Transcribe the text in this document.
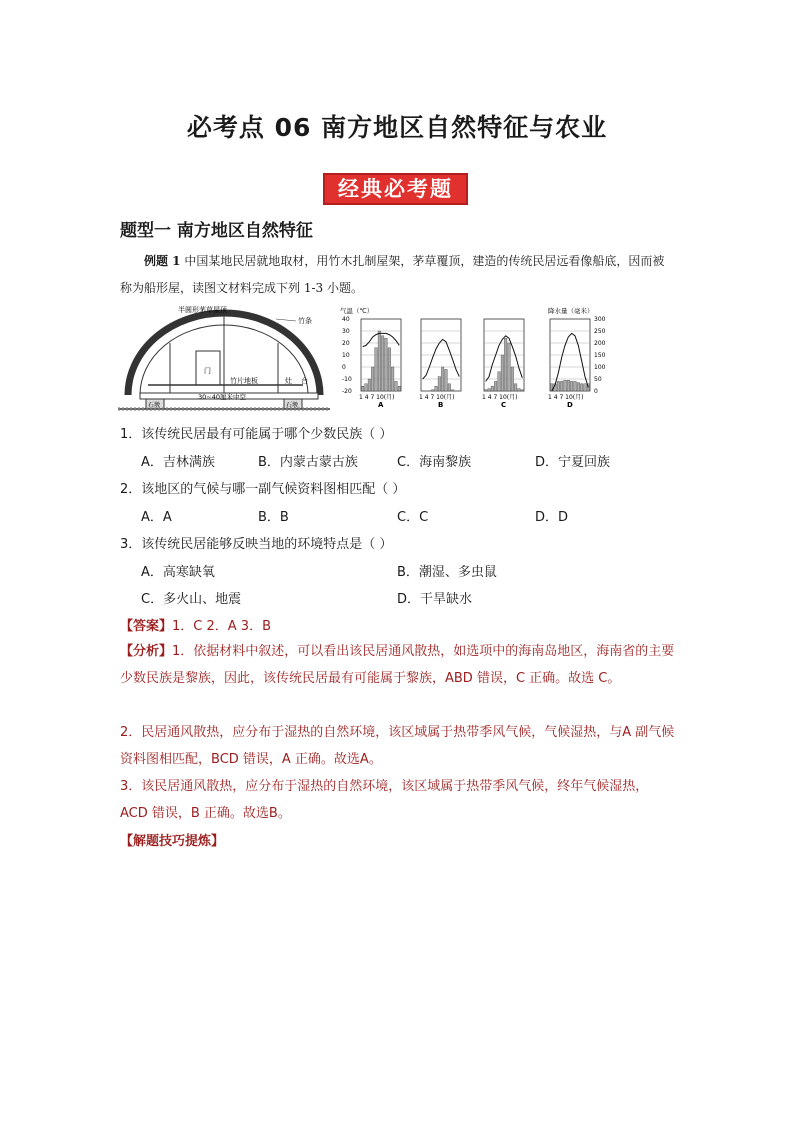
必考点 06 南方地区自然特征与农业
经典必考题
题型一 南方地区自然特征
例题 1 中国某地民居就地取材，用竹木扎制屋架，茅草覆顶，建造的传统民居远看像船底，因而被称为船形屋，读图文材料完成下列 1-3 小题。
半圆形茅草屋顶
竹条
门
竹片地板	灶 台
30~40厘米中空
石墩	石墩
气温（℃）	降水量（毫米）
40
30
20
10
0
-10
-20
300
250
200
150
100
50
0
1 4 7 10(月)
A
1 4 7 10(月)
B
1 4 7 10(月)
C
1 4 7 10(月)
D
1．该传统民居最有可能属于哪个少数民族（ ）
A．吉林满族	B．内蒙古蒙古族	C．海南黎族	D．宁夏回族
2．该地区的气候与哪一副气候资料图相匹配（ ）
A．A	B．B	C．C	D．D
3．该传统民居能够反映当地的环境特点是（ ）
A．高寒缺氧	B．潮湿、多虫鼠
C．多火山、地震	D．干旱缺水
【答案】1．C 2．A 3．B
【分析】1．依据材料中叙述，可以看出该民居通风散热，如选项中的海南岛地区，海南省的主要少数民族是黎族，因此，该传统民居最有可能属于黎族，ABD 错误，C 正确。故选 C。
2．民居通风散热，应分布于湿热的自然环境，该区域属于热带季风气候，气候湿热，与A 副气候资料图相匹配，BCD 错误，A 正确。故选A。
3．该民居通风散热，应分布于湿热的自然环境，该区域属于热带季风气候，终年气候湿热，ACD 错误，B 正确。故选B。
【解题技巧提炼】
